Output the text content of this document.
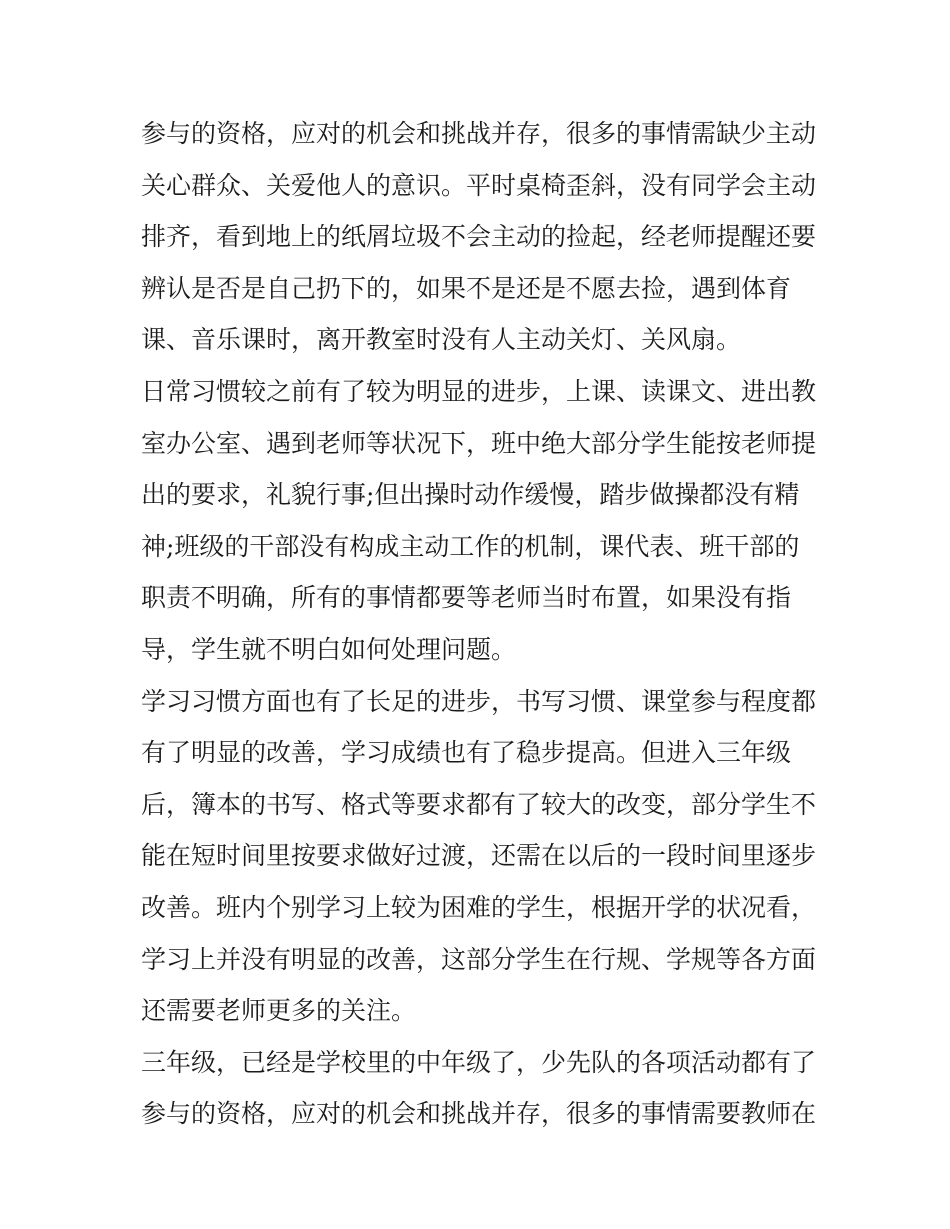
参与的资格，应对的机会和挑战并存，很多的事情需缺少主动
关心群众、关爱他人的意识。平时桌椅歪斜，没有同学会主动
排齐，看到地上的纸屑垃圾不会主动的捡起，经老师提醒还要
辨认是否是自己扔下的，如果不是还是不愿去捡，遇到体育
课、音乐课时，离开教室时没有人主动关灯、关风扇。
日常习惯较之前有了较为明显的进步，上课、读课文、进出教
室办公室、遇到老师等状况下，班中绝大部分学生能按老师提
出的要求，礼貌行事;但出操时动作缓慢，踏步做操都没有精
神;班级的干部没有构成主动工作的机制，课代表、班干部的
职责不明确，所有的事情都要等老师当时布置，如果没有指
导，学生就不明白如何处理问题。
学习习惯方面也有了长足的进步，书写习惯、课堂参与程度都
有了明显的改善，学习成绩也有了稳步提高。但进入三年级
后，簿本的书写、格式等要求都有了较大的改变，部分学生不
能在短时间里按要求做好过渡，还需在以后的一段时间里逐步
改善。班内个别学习上较为困难的学生，根据开学的状况看，
学习上并没有明显的改善，这部分学生在行规、学规等各方面
还需要老师更多的关注。
三年级，已经是学校里的中年级了，少先队的各项活动都有了
参与的资格，应对的机会和挑战并存，很多的事情需要教师在
